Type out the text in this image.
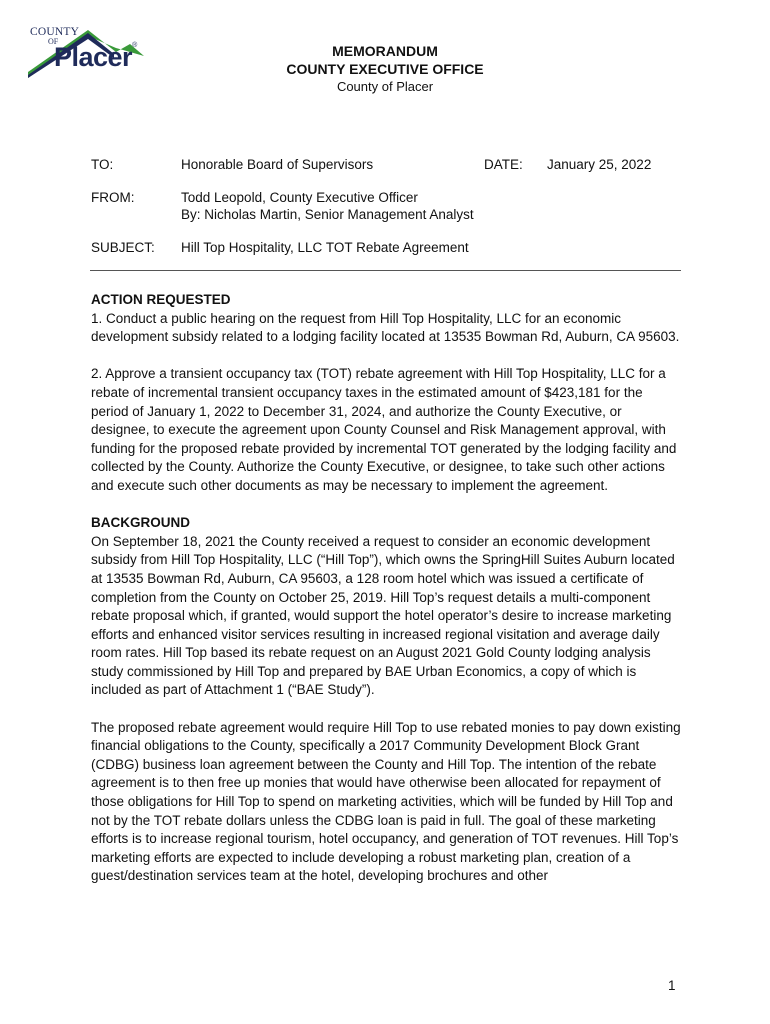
COUNTY
OF
Placer®	MEMORANDUM
COUNTY EXECUTIVE OFFICE
County of Placer
TO:	Honorable Board of Supervisors	DATE: January 25, 2022
FROM:	Todd Leopold, County Executive Officer
By: Nicholas Martin, Senior Management Analyst
SUBJECT: Hill Top Hospitality, LLC TOT Rebate Agreement
ACTION REQUESTED

1. Conduct a public hearing on the request from Hill Top Hospitality, LLC for an economic development subsidy related to a lodging facility located at 13535 Bowman Rd, Auburn, CA 95603.

2. Approve a transient occupancy tax (TOT) rebate agreement with Hill Top Hospitality, LLC for a rebate of incremental transient occupancy taxes in the estimated amount of $423,181 for the period of January 1, 2022 to December 31, 2024, and authorize the County Executive, or designee, to execute the agreement upon County Counsel and Risk Management approval, with funding for the proposed rebate provided by incremental TOT generated by the lodging facility and collected by the County. Authorize the County Executive, or designee, to take such other actions and execute such other documents as may be necessary to implement the agreement.

BACKGROUND

On September 18, 2021 the County received a request to consider an economic development subsidy from Hill Top Hospitality, LLC (“Hill Top”), which owns the SpringHill Suites Auburn located at 13535 Bowman Rd, Auburn, CA 95603, a 128 room hotel which was issued a certificate of completion from the County on October 25, 2019. Hill Top’s request details a multi-component rebate proposal which, if granted, would support the hotel operator’s desire to increase marketing efforts and enhanced visitor services resulting in increased regional visitation and average daily room rates. Hill Top based its rebate request on an August 2021 Gold County lodging analysis study commissioned by Hill Top and prepared by BAE Urban Economics, a copy of which is included as part of Attachment 1 (“BAE Study”).

The proposed rebate agreement would require Hill Top to use rebated monies to pay down existing financial obligations to the County, specifically a 2017 Community Development Block Grant (CDBG) business loan agreement between the County and Hill Top. The intention of the rebate agreement is to then free up monies that would have otherwise been allocated for repayment of those obligations for Hill Top to spend on marketing activities, which will be funded by Hill Top and not by the TOT rebate dollars unless the CDBG loan is paid in full. The goal of these marketing efforts is to increase regional tourism, hotel occupancy, and generation of TOT revenues. Hill Top’s marketing efforts are expected to include developing a robust marketing plan, creation of a guest/destination services team at the hotel, developing brochures and other

1
